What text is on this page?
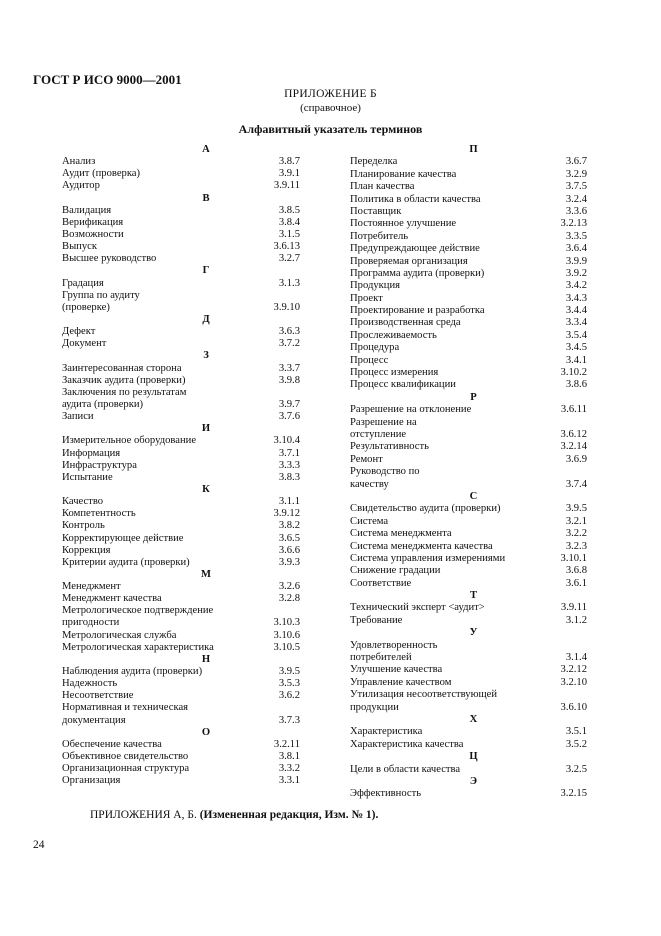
ГОСТ Р ИСО 9000—2001
ПРИЛОЖЕНИЕ Б
(справочное)
Алфавитный указатель терминов
А
Анализ	3.8.7
Аудит (проверка)	3.9.1
Аудитор	3.9.11
В
Валидация	3.8.5
Верификация	3.8.4
Возможности	3.1.5
Выпуск	3.6.13
Высшее руководство	3.2.7
Г
Градация	3.1.3
Группа по аудиту
(проверке)	3.9.10
Д
Дефект	3.6.3
Документ	3.7.2
З
Заинтересованная сторона	3.3.7
Заказчик аудита (проверки)	3.9.8
Заключения по результатам
аудита (проверки)	3.9.7
Записи	3.7.6
И
Измерительное оборудование	3.10.4
Информация	3.7.1
Инфраструктура	3.3.3
Испытание	3.8.3
К
Качество	3.1.1
Компетентность	3.9.12
Контроль	3.8.2
Корректирующее действие	3.6.5
Коррекция	3.6.6
Критерии аудита (проверки)	3.9.3
М
Менеджмент	3.2.6
Менеджмент качества	3.2.8
Метрологическое подтверждение
пригодности	3.10.3
Метрологическая служба	3.10.6
Метрологическая характеристика	3.10.5
Н
Наблюдения аудита (проверки)	3.9.5
Надежность	3.5.3
Несоответствие	3.6.2
Нормативная и техническая
документация	3.7.3
О
Обеспечение качества	3.2.11
Объективное свидетельство	3.8.1
Организационная структура	3.3.2
Организация	3.3.1
П
Переделка	3.6.7
Планирование качества	3.2.9
План качества	3.7.5
Политика в области качества	3.2.4
Поставщик	3.3.6
Постоянное улучшение	3.2.13
Потребитель	3.3.5
Предупреждающее действие	3.6.4
Проверяемая организация	3.9.9
Программа аудита (проверки)	3.9.2
Продукция	3.4.2
Проект	3.4.3
Проектирование и разработка	3.4.4
Производственная среда	3.3.4
Прослеживаемость	3.5.4
Процедура	3.4.5
Процесс	3.4.1
Процесс измерения	3.10.2
Процесс квалификации	3.8.6
Р
Разрешение на отклонение	3.6.11
Разрешение на
отступление	3.6.12
Результативность	3.2.14
Ремонт	3.6.9
Руководство по
качеству	3.7.4
С
Свидетельство аудита (проверки)	3.9.5
Система	3.2.1
Система менеджмента	3.2.2
Система менеджмента качества	3.2.3
Система управления измерениями	3.10.1
Снижение градации	3.6.8
Соответствие	3.6.1
Т
Технический эксперт <аудит>	3.9.11
Требование	3.1.2
У
Удовлетворенность
потребителей	3.1.4
Улучшение качества	3.2.12
Управление качеством	3.2.10
Утилизация несоответствующей
продукции	3.6.10
Х
Характеристика	3.5.1
Характеристика качества	3.5.2
Ц
Цели в области качества	3.2.5
Э
Эффективность	3.2.15
ПРИЛОЖЕНИЯ А, Б. (Измененная редакция, Изм. № 1).
24
